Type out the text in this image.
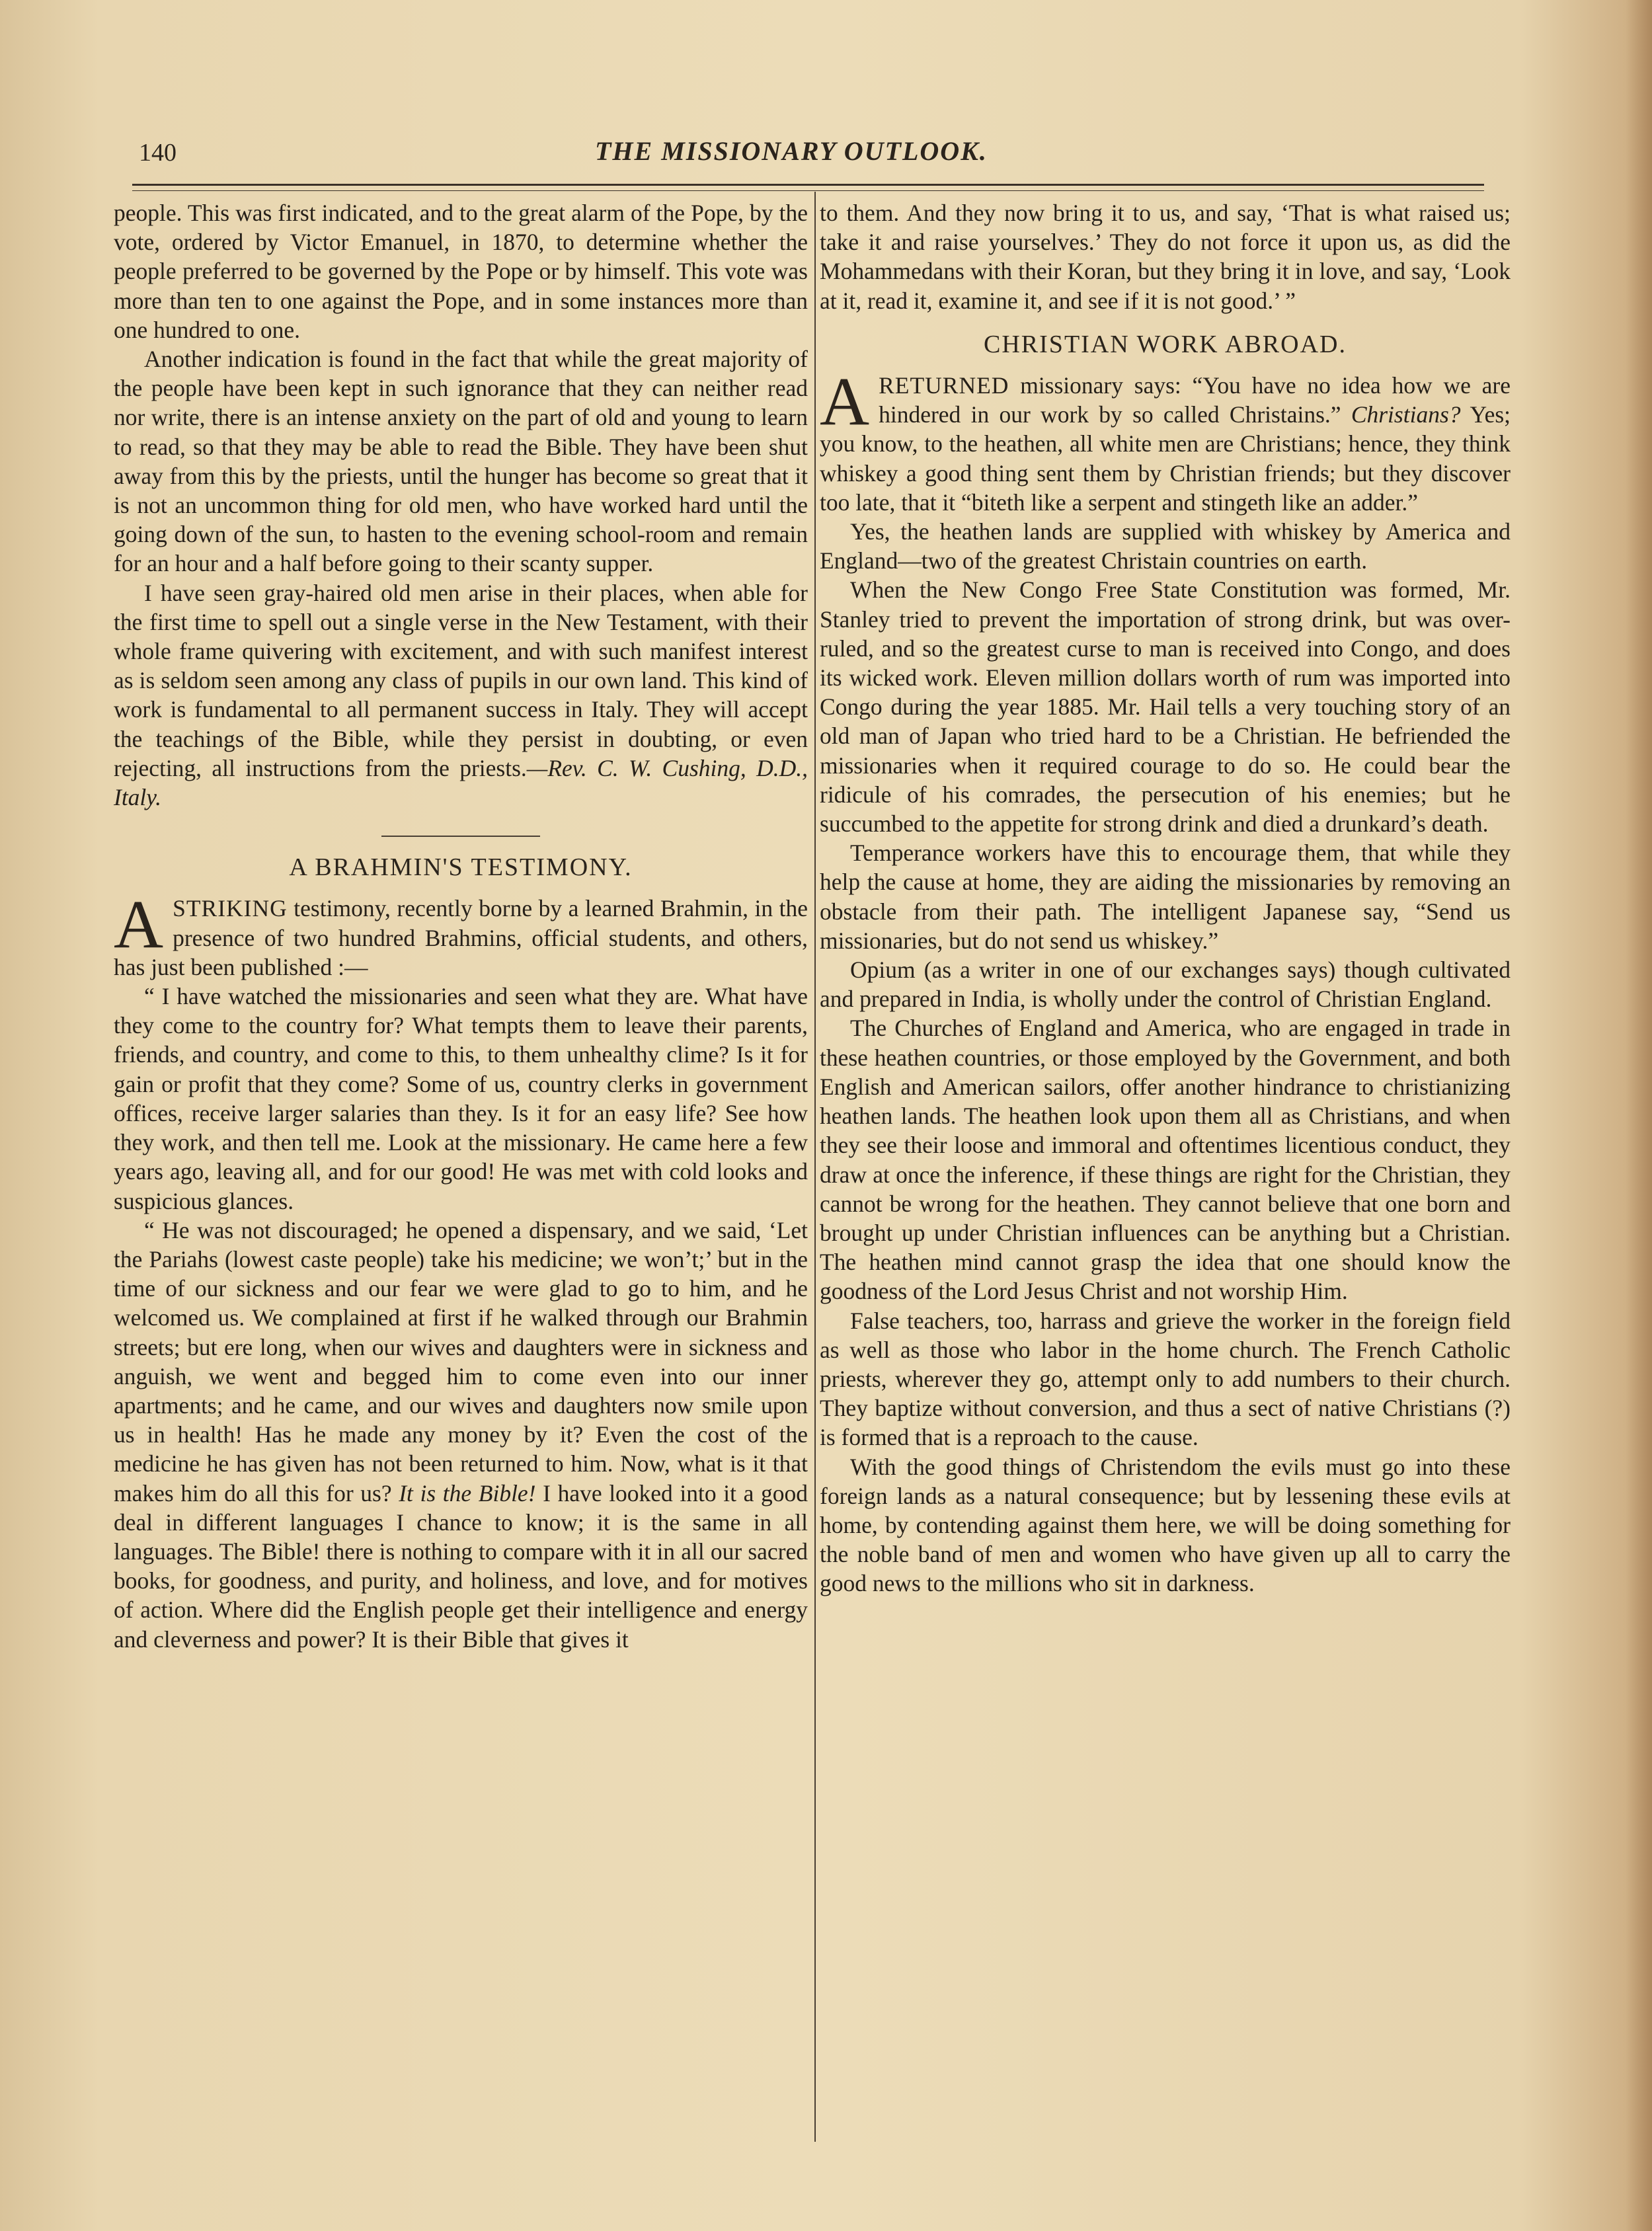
140	THE MISSIONARY OUTLOOK.

people. This was first indicated, and to the great alarm of the Pope, by the vote, ordered by Victor Emanuel, in 1870, to determine whether the people preferred to be governed by the Pope or by himself. This vote was more than ten to one against the Pope, and in some instances more than one hundred to one.

Another indication is found in the fact that while the great majority of the people have been kept in such ignorance that they can neither read nor write, there is an intense anxiety on the part of old and young to learn to read, so that they may be able to read the Bible. They have been shut away from this by the priests, until the hunger has become so great that it is not an uncommon thing for old men, who have worked hard until the going down of the sun, to hasten to the evening school-room and remain for an hour and a half before going to their scanty supper.

I have seen gray-haired old men arise in their places, when able for the first time to spell out a single verse in the New Testament, with their whole frame quivering with excitement, and with such manifest interest as is seldom seen among any class of pupils in our own land. This kind of work is fundamental to all permanent success in Italy. They will accept the teachings of the Bible, while they persist in doubting, or even rejecting, all instructions from the priests.—Rev. C. W. Cushing, D.D., Italy.

A BRAHMIN'S TESTIMONY.

ASTRIKING testimony, recently borne by a learned Brahmin, in the presence of two hundred Brahmins, official students, and others, has just been published :—

“ I have watched the missionaries and seen what they are. What have they come to the country for? What tempts them to leave their parents, friends, and country, and come to this, to them unhealthy clime? Is it for gain or profit that they come? Some of us, country clerks in government offices, receive larger salaries than they. Is it for an easy life? See how they work, and then tell me. Look at the missionary. He came here a few years ago, leaving all, and for our good! He was met with cold looks and suspicious glances.

“ He was not discouraged; he opened a dispensary, and we said, ‘Let the Pariahs (lowest caste people) take his medicine; we won’t;’ but in the time of our sickness and our fear we were glad to go to him, and he welcomed us. We complained at first if he walked through our Brahmin streets; but ere long, when our wives and daughters were in sickness and anguish, we went and begged him to come even into our inner apartments; and he came, and our wives and daughters now smile upon us in health! Has he made any money by it? Even the cost of the medicine he has given has not been returned to him. Now, what is it that makes him do all this for us? It is the Bible! I have looked into it a good deal in different languages I chance to know; it is the same in all languages. The Bible! there is nothing to compare with it in all our sacred books, for goodness, and purity, and holiness, and love, and for motives of action. Where did the English people get their intelligence and energy and cleverness and power? It is their Bible that gives it

to them. And they now bring it to us, and say, ‘That is what raised us; take it and raise yourselves.’ They do not force it upon us, as did the Mohammedans with their Koran, but they bring it in love, and say, ‘Look at it, read it, examine it, and see if it is not good.’ ”

CHRISTIAN WORK ABROAD.

ARETURNED missionary says: “You have no idea how we are hindered in our work by so called Christains.” Christians? Yes; you know, to the heathen, all white men are Christians; hence, they think whiskey a good thing sent them by Christian friends; but they discover too late, that it “biteth like a serpent and stingeth like an adder.”

Yes, the heathen lands are supplied with whiskey by America and England—two of the greatest Christain countries on earth.

When the New Congo Free State Constitution was formed, Mr. Stanley tried to prevent the importation of strong drink, but was over-ruled, and so the greatest curse to man is received into Congo, and does its wicked work. Eleven million dollars worth of rum was imported into Congo during the year 1885. Mr. Hail tells a very touching story of an old man of Japan who tried hard to be a Christian. He befriended the missionaries when it required courage to do so. He could bear the ridicule of his comrades, the persecution of his enemies; but he succumbed to the appetite for strong drink and died a drunkard’s death.

Temperance workers have this to encourage them, that while they help the cause at home, they are aiding the missionaries by removing an obstacle from their path. The intelligent Japanese say, “Send us missionaries, but do not send us whiskey.”

Opium (as a writer in one of our exchanges says) though cultivated and prepared in India, is wholly under the control of Christian England.

The Churches of England and America, who are engaged in trade in these heathen countries, or those employed by the Government, and both English and American sailors, offer another hindrance to christianizing heathen lands. The heathen look upon them all as Christians, and when they see their loose and immoral and oftentimes licentious conduct, they draw at once the inference, if these things are right for the Christian, they cannot be wrong for the heathen. They cannot believe that one born and brought up under Christian influences can be anything but a Christian. The heathen mind cannot grasp the idea that one should know the goodness of the Lord Jesus Christ and not worship Him.

False teachers, too, harrass and grieve the worker in the foreign field as well as those who labor in the home church. The French Catholic priests, wherever they go, attempt only to add numbers to their church. They baptize without conversion, and thus a sect of native Christians (?) is formed that is a reproach to the cause.

With the good things of Christendom the evils must go into these foreign lands as a natural consequence; but by lessening these evils at home, by contending against them here, we will be doing something for the noble band of men and women who have given up all to carry the good news to the millions who sit in darkness.
